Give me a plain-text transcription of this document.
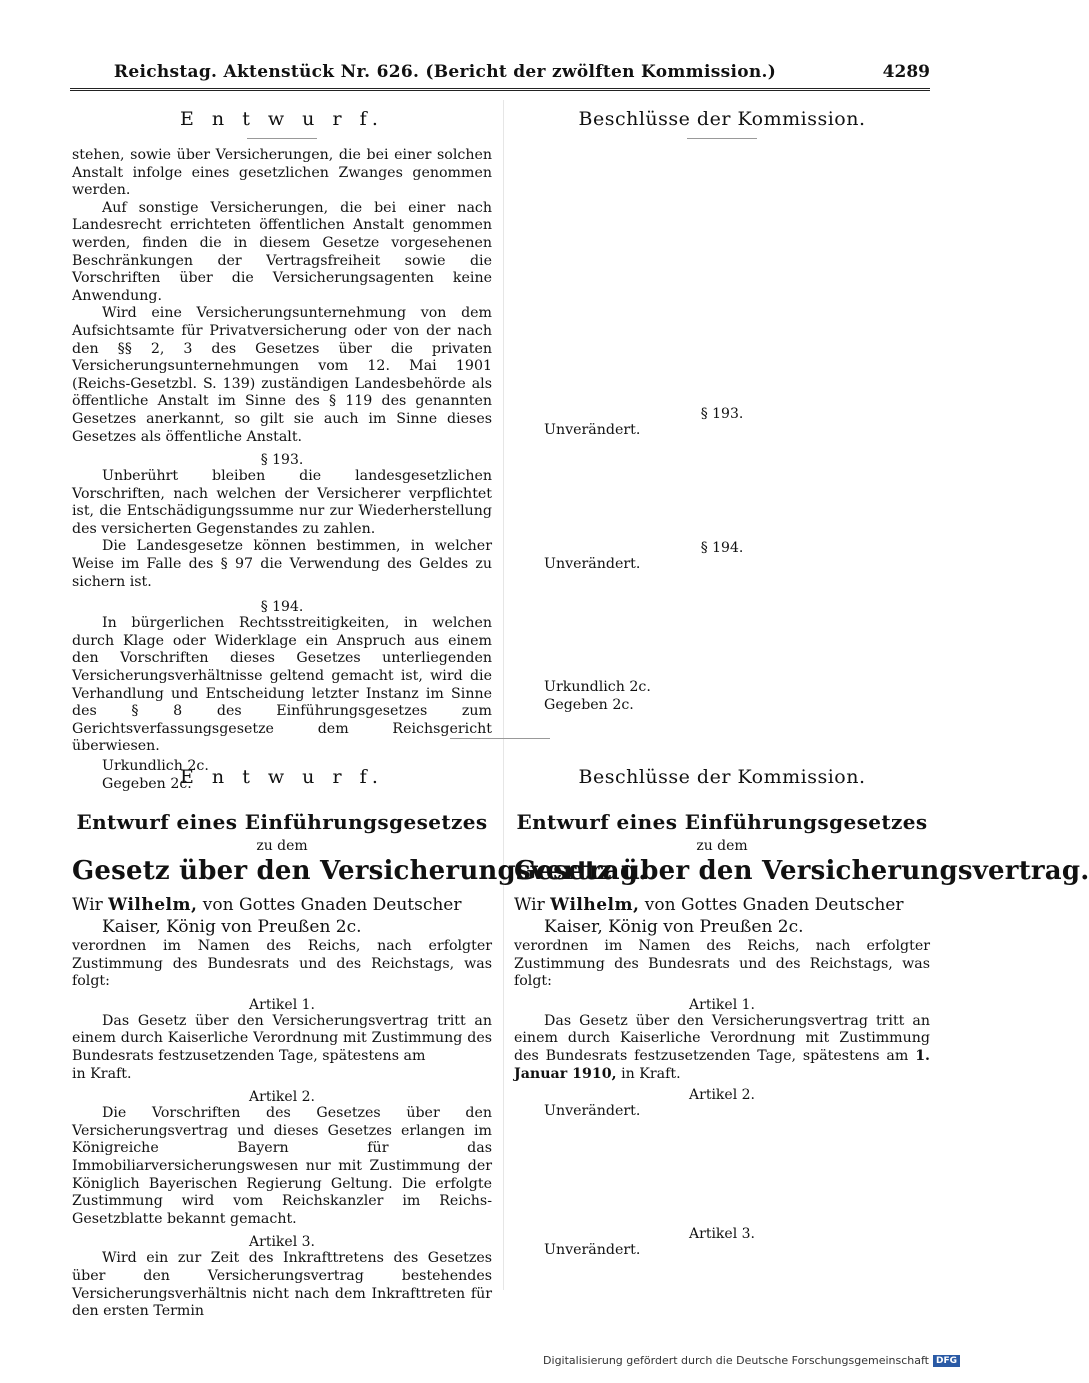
Reichstag. Aktenstück Nr. 626. (Bericht der zwölften Kommission.)	4289
E n t w u r f.

stehen, sowie über Versicherungen, die bei einer solchen Anstalt infolge eines gesetzlichen Zwanges genommen werden.

Auf sonstige Versicherungen, die bei einer nach Landesrecht errichteten öffentlichen Anstalt genommen werden, finden die in diesem Gesetze vorgesehenen Beschränkungen der Vertragsfreiheit sowie die Vorschriften über die Versicherungsagenten keine Anwendung.

Wird eine Versicherungsunternehmung von dem Aufsichtsamte für Privatversicherung oder von der nach den §§ 2, 3 des Gesetzes über die privaten Versicherungsunternehmungen vom 12. Mai 1901 (Reichs-Gesetzbl. S. 139) zuständigen Landesbehörde als öffentliche Anstalt im Sinne des § 119 des genannten Gesetzes anerkannt, so gilt sie auch im Sinne dieses Gesetzes als öffentliche Anstalt.

§ 193.

Unberührt bleiben die landesgesetzlichen Vorschriften, nach welchen der Versicherer verpflichtet ist, die Entschädigungssumme nur zur Wiederherstellung des versicherten Gegenstandes zu zahlen.

Die Landesgesetze können bestimmen, in welcher Weise im Falle des § 97 die Verwendung des Geldes zu sichern ist.

§ 194.

In bürgerlichen Rechtsstreitigkeiten, in welchen durch Klage oder Widerklage ein Anspruch aus einem den Vorschriften dieses Gesetzes unterliegenden Versicherungsverhältnisse geltend gemacht ist, wird die Verhandlung und Entscheidung letzter Instanz im Sinne des § 8 des Einführungsgesetzes zum Gerichtsverfassungsgesetze dem Reichsgericht überwiesen.

Urkundlich 2c.

Gegeben 2c.

Beschlüsse der Kommission.
§ 193.

Unverändert.

§ 194.

Unverändert.

Urkundlich 2c.

Gegeben 2c.

E n t w u r f.
Entwurf eines Einführungsgesetzes
zu dem
Gesetz über den Versicherungsvertrag.

Wir Wilhelm, von Gottes Gnaden Deutscher

Kaiser, König von Preußen 2c.

verordnen im Namen des Reichs, nach erfolgter Zustimmung des Bundesrats und des Reichstags, was folgt:

Artikel 1.

Das Gesetz über den Versicherungsvertrag tritt an einem durch Kaiserliche Verordnung mit Zustimmung des Bundesrats festzusetzenden Tage, spätestens am

in Kraft.

Artikel 2.

Die Vorschriften des Gesetzes über den Versicherungsvertrag und dieses Gesetzes erlangen im Königreiche Bayern für das Immobiliarversicherungswesen nur mit Zustimmung der Königlich Bayerischen Regierung Geltung. Die erfolgte Zustimmung wird vom Reichskanzler im Reichs-Gesetzblatte bekannt gemacht.

Artikel 3.

Wird ein zur Zeit des Inkrafttretens des Gesetzes über den Versicherungsvertrag bestehendes Versicherungsverhältnis nicht nach dem Inkrafttreten für den ersten Termin

Beschlüsse der Kommission.
Entwurf eines Einführungsgesetzes
zu dem
Gesetz über den Versicherungsvertrag.

Wir Wilhelm, von Gottes Gnaden Deutscher

Kaiser, König von Preußen 2c.

verordnen im Namen des Reichs, nach erfolgter Zustimmung des Bundesrats und des Reichstags, was folgt:

Artikel 1.

Das Gesetz über den Versicherungsvertrag tritt an einem durch Kaiserliche Verordnung mit Zustimmung des Bundesrats festzusetzenden Tage, spätestens am 1. Januar 1910, in Kraft.

Artikel 2.

Unverändert.

Artikel 3.

Unverändert.

Digitalisierung gefördert durch die Deutsche Forschungsgemeinschaft DFG
